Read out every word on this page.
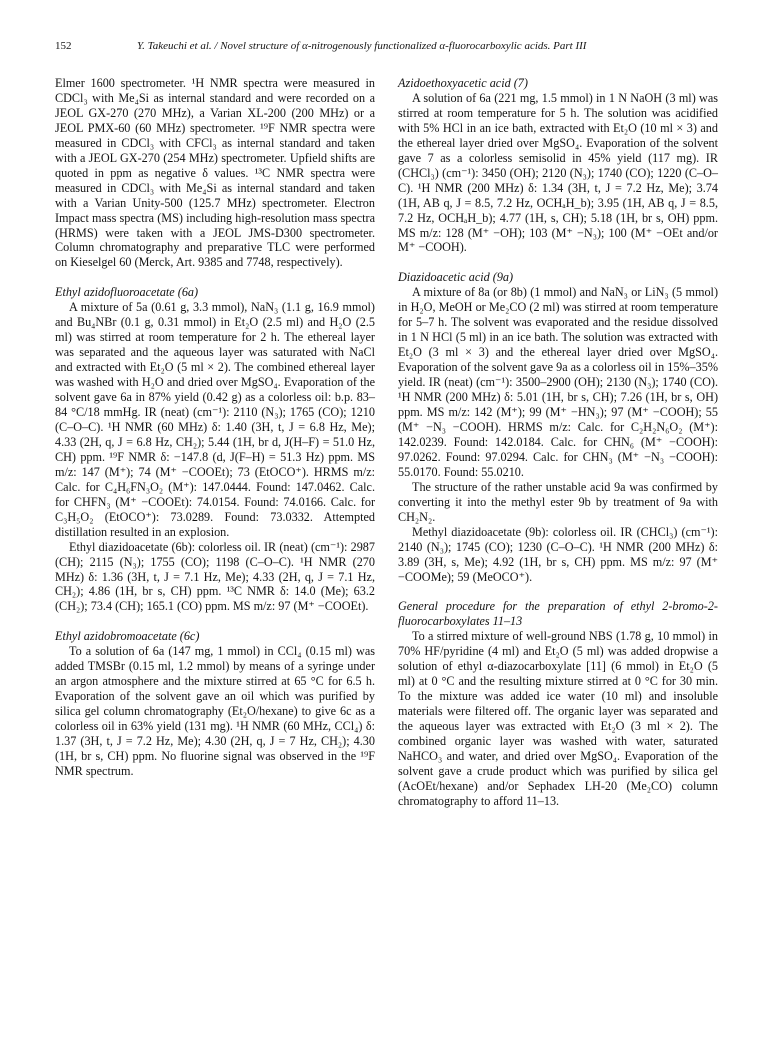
152	Y. Takeuchi et al. / Novel structure of α-nitrogenously functionalized α-fluorocarboxylic acids. Part III

Elmer 1600 spectrometer. ¹H NMR spectra were measured in CDCl₃ with Me₄Si as internal standard and were recorded on a JEOL GX-270 (270 MHz), a Varian XL-200 (200 MHz) or a JEOL PMX-60 (60 MHz) spectrometer. ¹⁹F NMR spectra were measured in CDCl₃ with CFCl₃ as internal standard and taken with a JEOL GX-270 (254 MHz) spectrometer. Upfield shifts are quoted in ppm as negative δ values. ¹³C NMR spectra were measured in CDCl₃ with Me₄Si as internal standard and taken with a Varian Unity-500 (125.7 MHz) spectrometer. Electron Impact mass spectra (MS) including high-resolution mass spectra (HRMS) were taken with a JEOL JMS-D300 spectrometer. Column chromatography and preparative TLC were performed on Kieselgel 60 (Merck, Art. 9385 and 7748, respectively).

Ethyl azidofluoroacetate (6a)

A mixture of 5a (0.61 g, 3.3 mmol), NaN₃ (1.1 g, 16.9 mmol) and Bu₄NBr (0.1 g, 0.31 mmol) in Et₂O (2.5 ml) and H₂O (2.5 ml) was stirred at room temperature for 2 h. The ethereal layer was separated and the aqueous layer was saturated with NaCl and extracted with Et₂O (5 ml × 2). The combined ethereal layer was washed with H₂O and dried over MgSO₄. Evaporation of the solvent gave 6a in 87% yield (0.42 g) as a colorless oil: b.p. 83–84 °C/18 mmHg. IR (neat) (cm⁻¹): 2110 (N₃); 1765 (CO); 1210 (C–O–C). ¹H NMR (60 MHz) δ: 1.40 (3H, t, J = 6.8 Hz, Me); 4.33 (2H, q, J = 6.8 Hz, CH₂); 5.44 (1H, br d, J(H–F) = 51.0 Hz, CH) ppm. ¹⁹F NMR δ: −147.8 (d, J(F–H) = 51.3 Hz) ppm. MS m/z: 147 (M⁺); 74 (M⁺ −COOEt); 73 (EtOCO⁺). HRMS m/z: Calc. for C₄H₆FN₃O₂ (M⁺): 147.0444. Found: 147.0462. Calc. for CHFN₃ (M⁺ −COOEt): 74.0154. Found: 74.0166. Calc. for C₃H₅O₂ (EtOCO⁺): 73.0289. Found: 73.0332. Attempted distillation resulted in an explosion.

Ethyl diazidoacetate (6b): colorless oil. IR (neat) (cm⁻¹): 2987 (CH); 2115 (N₃); 1755 (CO); 1198 (C–O–C). ¹H NMR (270 MHz) δ: 1.36 (3H, t, J = 7.1 Hz, Me); 4.33 (2H, q, J = 7.1 Hz, CH₂); 4.86 (1H, br s, CH) ppm. ¹³C NMR δ: 14.0 (Me); 63.2 (CH₂); 73.4 (CH); 165.1 (CO) ppm. MS m/z: 97 (M⁺ −COOEt).

Ethyl azidobromoacetate (6c)

To a solution of 6a (147 mg, 1 mmol) in CCl₄ (0.15 ml) was added TMSBr (0.15 ml, 1.2 mmol) by means of a syringe under an argon atmosphere and the mixture stirred at 65 °C for 6.5 h. Evaporation of the solvent gave an oil which was purified by silica gel column chromatography (Et₂O/hexane) to give 6c as a colorless oil in 63% yield (131 mg). ¹H NMR (60 MHz, CCl₄) δ: 1.37 (3H, t, J = 7.2 Hz, Me); 4.30 (2H, q, J = 7 Hz, CH₂); 4.30 (1H, br s, CH) ppm. No fluorine signal was observed in the ¹⁹F NMR spectrum.

Azidoethoxyacetic acid (7)

A solution of 6a (221 mg, 1.5 mmol) in 1 N NaOH (3 ml) was stirred at room temperature for 5 h. The solution was acidified with 5% HCl in an ice bath, extracted with Et₂O (10 ml × 3) and the ethereal layer dried over MgSO₄. Evaporation of the solvent gave 7 as a colorless semisolid in 45% yield (117 mg). IR (CHCl₃) (cm⁻¹): 3450 (OH); 2120 (N₃); 1740 (CO); 1220 (C–O–C). ¹H NMR (200 MHz) δ: 1.34 (3H, t, J = 7.2 Hz, Me); 3.74 (1H, AB q, J = 8.5, 7.2 Hz, OCHₐH_b); 3.95 (1H, AB q, J = 8.5, 7.2 Hz, OCHₐH_b); 4.77 (1H, s, CH); 5.18 (1H, br s, OH) ppm. MS m/z: 128 (M⁺ −OH); 103 (M⁺ −N₃); 100 (M⁺ −OEt and/or M⁺ −COOH).

Diazidoacetic acid (9a)

A mixture of 8a (or 8b) (1 mmol) and NaN₃ or LiN₃ (5 mmol) in H₂O, MeOH or Me₂CO (2 ml) was stirred at room temperature for 5–7 h. The solvent was evaporated and the residue dissolved in 1 N HCl (5 ml) in an ice bath. The solution was extracted with Et₂O (3 ml × 3) and the ethereal layer dried over MgSO₄. Evaporation of the solvent gave 9a as a colorless oil in 15%–35% yield. IR (neat) (cm⁻¹): 3500–2900 (OH); 2130 (N₃); 1740 (CO). ¹H NMR (200 MHz) δ: 5.01 (1H, br s, CH); 7.26 (1H, br s, OH) ppm. MS m/z: 142 (M⁺); 99 (M⁺ −HN₃); 97 (M⁺ −COOH); 55 (M⁺ −N₃ −COOH). HRMS m/z: Calc. for C₂H₂N₆O₂ (M⁺): 142.0239. Found: 142.0184. Calc. for CHN₆ (M⁺ −COOH): 97.0262. Found: 97.0294. Calc. for CHN₃ (M⁺ −N₃ −COOH): 55.0170. Found: 55.0210.

The structure of the rather unstable acid 9a was confirmed by converting it into the methyl ester 9b by treatment of 9a with CH₂N₂.

Methyl diazidoacetate (9b): colorless oil. IR (CHCl₃) (cm⁻¹): 2140 (N₃); 1745 (CO); 1230 (C–O–C). ¹H NMR (200 MHz) δ: 3.89 (3H, s, Me); 4.92 (1H, br s, CH) ppm. MS m/z: 97 (M⁺ −COOMe); 59 (MeOCO⁺).

General procedure for the preparation of ethyl 2-bromo-2-fluorocarboxylates 11–13

To a stirred mixture of well-ground NBS (1.78 g, 10 mmol) in 70% HF/pyridine (4 ml) and Et₂O (5 ml) was added dropwise a solution of ethyl α-diazocarboxylate [11] (6 mmol) in Et₂O (5 ml) at 0 °C and the resulting mixture stirred at 0 °C for 30 min. To the mixture was added ice water (10 ml) and insoluble materials were filtered off. The organic layer was separated and the aqueous layer was extracted with Et₂O (3 ml × 2). The combined organic layer was washed with water, saturated NaHCO₃ and water, and dried over MgSO₄. Evaporation of the solvent gave a crude product which was purified by silica gel (AcOEt/hexane) and/or Sephadex LH-20 (Me₂CO) column chromatography to afford 11–13.
